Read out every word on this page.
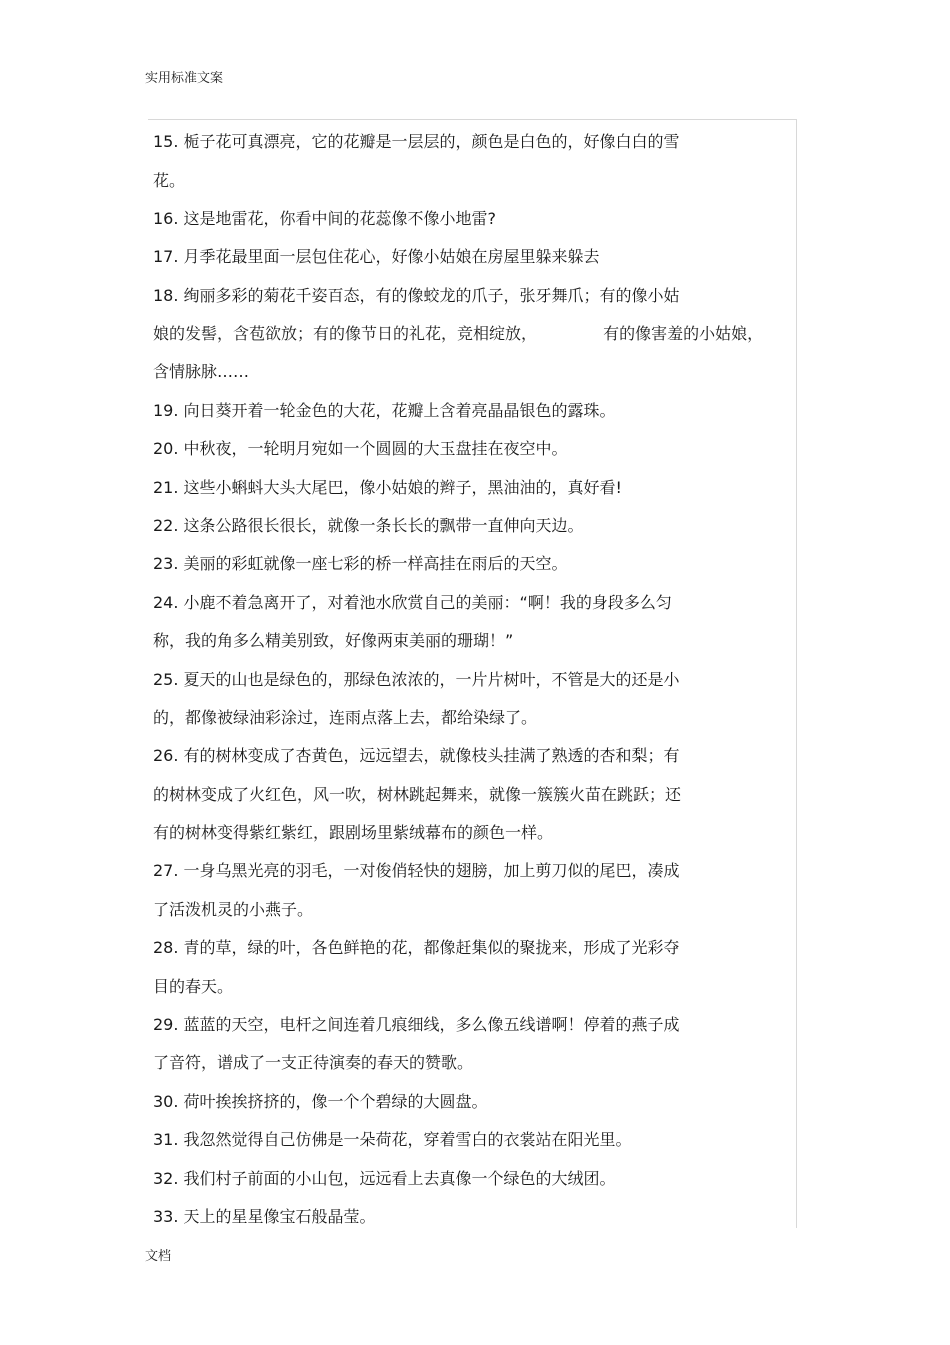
实用标准文案
15. 栀子花可真漂亮，它的花瓣是一层层的，颜色是白色的，好像白白的雪
花。
16. 这是地雷花，你看中间的花蕊像不像小地雷?
17. 月季花最里面一层包住花心，好像小姑娘在房屋里躲来躲去
18. 绚丽多彩的菊花千姿百态，有的像蛟龙的爪子，张牙舞爪；有的像小姑
娘的发髻，含苞欲放；有的像节日的礼花，竞相绽放，             有的像害羞的小姑娘，
含情脉脉……
19. 向日葵开着一轮金色的大花，花瓣上含着亮晶晶银色的露珠。
20. 中秋夜，一轮明月宛如一个圆圆的大玉盘挂在夜空中。
21. 这些小蝌蚪大头大尾巴，像小姑娘的辫子，黑油油的，真好看!
22. 这条公路很长很长，就像一条长长的飘带一直伸向天边。
23. 美丽的彩虹就像一座七彩的桥一样高挂在雨后的天空。
24. 小鹿不着急离开了，对着池水欣赏自己的美丽：“啊！我的身段多么匀
称，我的角多么精美别致，好像两束美丽的珊瑚！”
25. 夏天的山也是绿色的，那绿色浓浓的，一片片树叶，不管是大的还是小
的，都像被绿油彩涂过，连雨点落上去，都给染绿了。
26. 有的树林变成了杏黄色，远远望去，就像枝头挂满了熟透的杏和梨；有
的树林变成了火红色，风一吹，树林跳起舞来，就像一簇簇火苗在跳跃；还
有的树林变得紫红紫红，跟剧场里紫绒幕布的颜色一样。
27. 一身乌黑光亮的羽毛，一对俊俏轻快的翅膀，加上剪刀似的尾巴，凑成
了活泼机灵的小燕子。
28. 青的草，绿的叶，各色鲜艳的花，都像赶集似的聚拢来，形成了光彩夺
目的春天。
29. 蓝蓝的天空，电杆之间连着几痕细线，多么像五线谱啊！停着的燕子成
了音符，谱成了一支正待演奏的春天的赞歌。
30. 荷叶挨挨挤挤的，像一个个碧绿的大圆盘。
31. 我忽然觉得自己仿佛是一朵荷花，穿着雪白的衣裳站在阳光里。
32. 我们村子前面的小山包，远远看上去真像一个绿色的大绒团。
33. 天上的星星像宝石般晶莹。
文档
